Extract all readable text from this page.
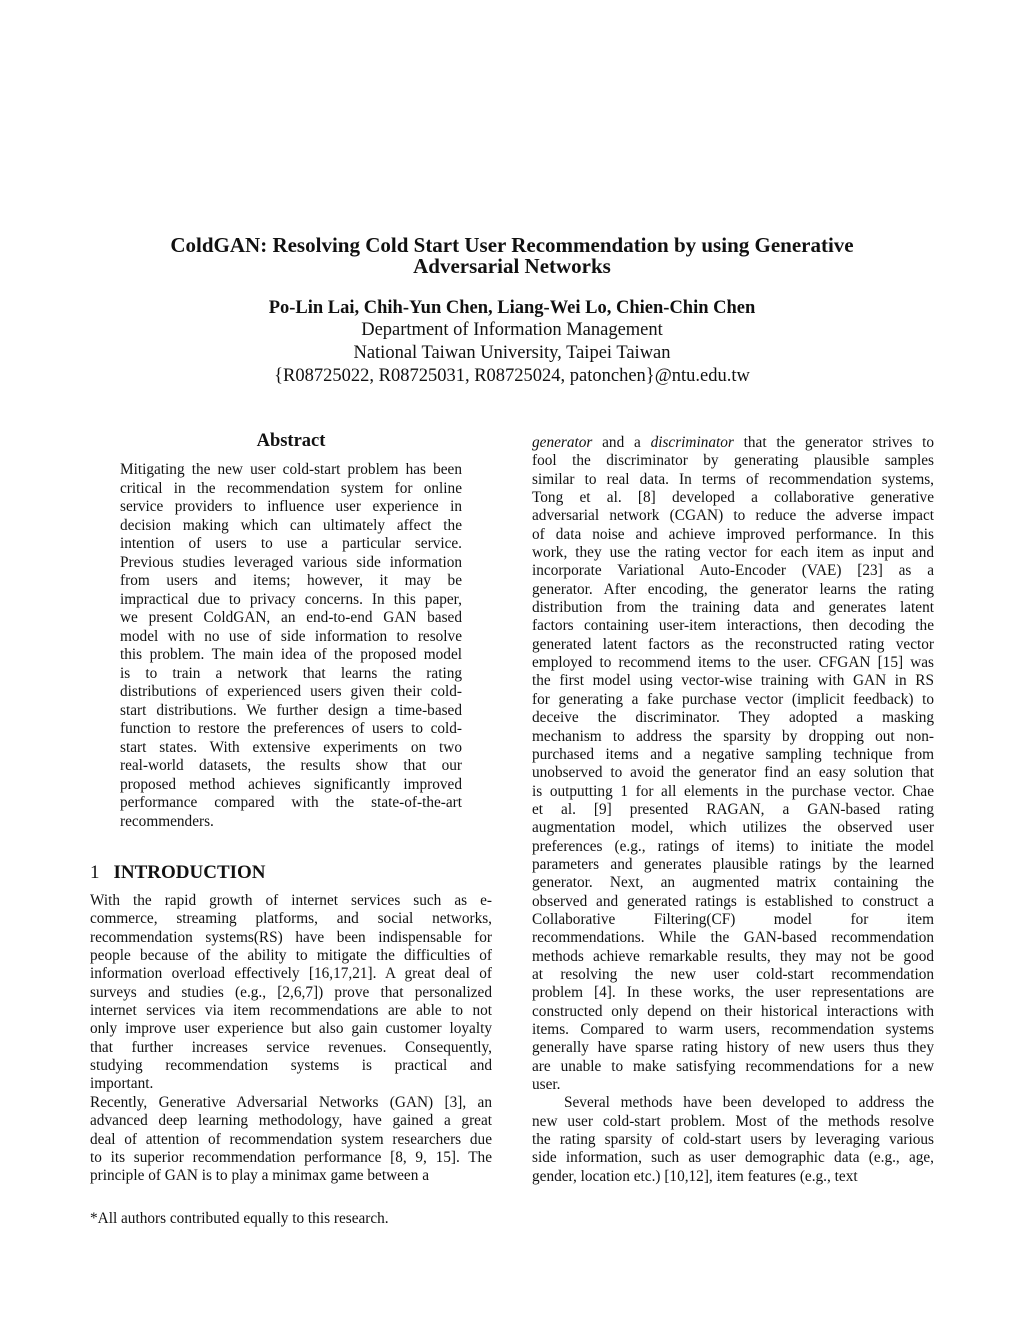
ColdGAN: Resolving Cold Start User Recommendation by using Generative
Adversarial Networks
Po-Lin Lai, Chih-Yun Chen, Liang-Wei Lo, Chien-Chin Chen
Department of Information Management
National Taiwan University, Taipei Taiwan
{R08725022, R08725031, R08725024, patonchen}@ntu.edu.tw
Abstract
Mitigating the new user cold-start problem has been
critical in the recommendation system for online
service providers to influence user experience in
decision making which can ultimately affect the
intention of users to use a particular service.
Previous studies leveraged various side information
from users and items; however, it may be
impractical due to privacy concerns. In this paper,
we present ColdGAN, an end-to-end GAN based
model with no use of side information to resolve
this problem. The main idea of the proposed model
is to train a network that learns the rating
distributions of experienced users given their cold-
start distributions. We further design a time-based
function to restore the preferences of users to cold-
start states. With extensive experiments on two
real-world datasets, the results show that our
proposed method achieves significantly improved
performance compared with the state-of-the-art
recommenders.
1 INTRODUCTION
With the rapid growth of internet services such as e-
commerce, streaming platforms, and social networks,
recommendation systems(RS) have been indispensable for
people because of the ability to mitigate the difficulties of
information overload effectively [16,17,21]. A great deal of
surveys and studies (e.g., [2,6,7]) prove that personalized
internet services via item recommendations are able to not
only improve user experience but also gain customer loyalty
that further increases service revenues. Consequently,
studying recommendation systems is practical and
important.
Recently, Generative Adversarial Networks (GAN) [3], an
advanced deep learning methodology, have gained a great
deal of attention of recommendation system researchers due
to its superior recommendation performance [8, 9, 15]. The
principle of GAN is to play a minimax game between a
generator and a discriminator that the generator strives to
fool the discriminator by generating plausible samples
similar to real data. In terms of recommendation systems,
Tong et al. [8] developed a collaborative generative
adversarial network (CGAN) to reduce the adverse impact
of data noise and achieve improved performance. In this
work, they use the rating vector for each item as input and
incorporate Variational Auto-Encoder (VAE) [23] as a
generator. After encoding, the generator learns the rating
distribution from the training data and generates latent
factors containing user-item interactions, then decoding the
generated latent factors as the reconstructed rating vector
employed to recommend items to the user. CFGAN [15] was
the first model using vector-wise training with GAN in RS
for generating a fake purchase vector (implicit feedback) to
deceive the discriminator. They adopted a masking
mechanism to address the sparsity by dropping out non-
purchased items and a negative sampling technique from
unobserved to avoid the generator find an easy solution that
is outputting 1 for all elements in the purchase vector. Chae
et al. [9] presented RAGAN, a GAN-based rating
augmentation model, which utilizes the observed user
preferences (e.g., ratings of items) to initiate the model
parameters and generates plausible ratings by the learned
generator. Next, an augmented matrix containing the
observed and generated ratings is established to construct a
Collaborative Filtering(CF) model for item
recommendations. While the GAN-based recommendation
methods achieve remarkable results, they may not be good
at resolving the new user cold-start recommendation
problem [4]. In these works, the user representations are
constructed only depend on their historical interactions with
items. Compared to warm users, recommendation systems
generally have sparse rating history of new users thus they
are unable to make satisfying recommendations for a new
user.
Several methods have been developed to address the
new user cold-start problem. Most of the methods resolve
the rating sparsity of cold-start users by leveraging various
side information, such as user demographic data (e.g., age,
gender, location etc.) [10,12], item features (e.g., text
*All authors contributed equally to this research.
